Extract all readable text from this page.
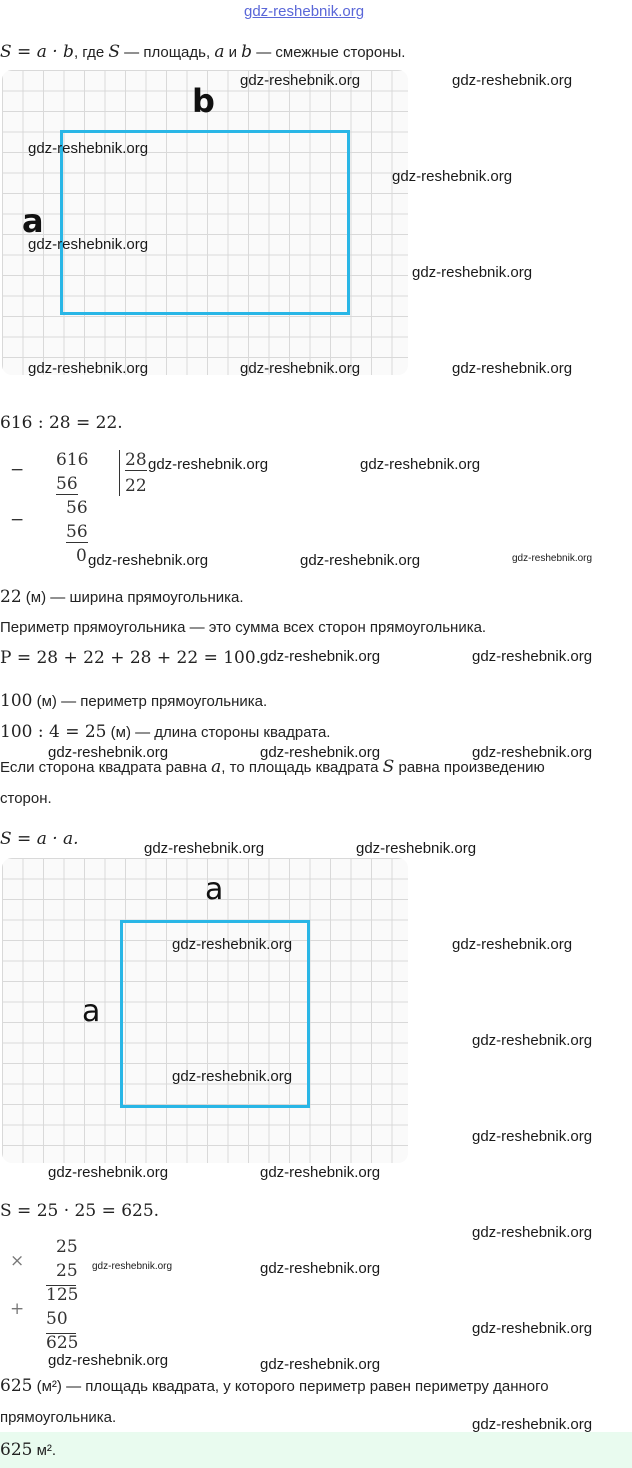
gdz-reshebnik.org
S = a · b, где S — площадь, a и b — смежные стороны.
b
a
616 : 28 = 22.
− 616 28
56	22
−
56
56
0
22 (м) — ширина прямоугольника.
Периметр прямоугольника — это сумма всех сторон прямоугольника.
P = 28 + 22 + 28 + 22 = 100.
100 (м) — периметр прямоугольника.
100 : 4 = 25 (м) — длина стороны квадрата.
Если сторона квадрата равна a, то площадь квадрата S равна произведению
сторон.
S = a · a.
a
a
S = 25 · 25 = 625.
25
× 25
125
+ 50
625
625 (м²) — площадь квадрата, у которого периметр равен периметру данного
прямоугольника.
625 м².
gdz-reshebnik.org	gdz-reshebnik.org
gdz-reshebnik.org
gdz-reshebnik.org
gdz-reshebnik.org
gdz-reshebnik.org
gdz-reshebnik.org	gdz-reshebnik.org	gdz-reshebnik.org
gdz-reshebnik.org	gdz-reshebnik.org
gdz-reshebnik.org	gdz-reshebnik.org	gdz-reshebnik.org
gdz-reshebnik.org	gdz-reshebnik.org
gdz-reshebnik.org	gdz-reshebnik.org	gdz-reshebnik.org
gdz-reshebnik.org	gdz-reshebnik.org
gdz-reshebnik.org	gdz-reshebnik.org
gdz-reshebnik.org
gdz-reshebnik.org
gdz-reshebnik.org
gdz-reshebnik.org	gdz-reshebnik.org
gdz-reshebnik.org
gdz-reshebnik.org	gdz-reshebnik.org
gdz-reshebnik.org
gdz-reshebnik.org	gdz-reshebnik.org
gdz-reshebnik.org
